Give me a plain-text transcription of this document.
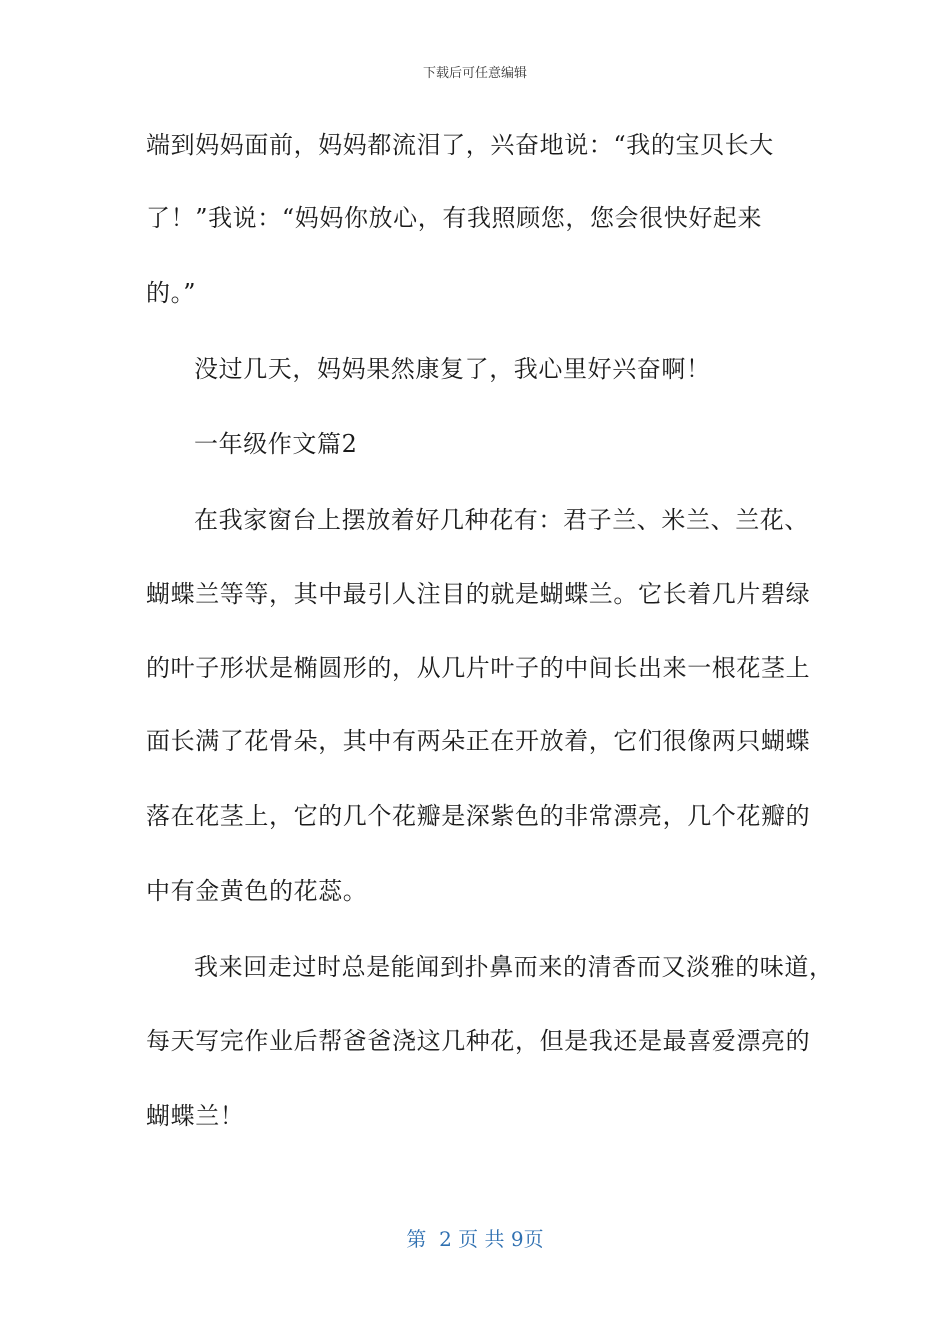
下载后可任意编辑
端到妈妈面前，妈妈都流泪了，兴奋地说：“我的宝贝长大
了！”我说：“妈妈你放心，有我照顾您，您会很快好起来
的。”
没过几天，妈妈果然康复了，我心里好兴奋啊！
一年级作文篇2
在我家窗台上摆放着好几种花有：君子兰、米兰、兰花、
蝴蝶兰等等，其中最引人注目的就是蝴蝶兰。它长着几片碧绿
的叶子形状是椭圆形的，从几片叶子的中间长出来一根花茎上
面长满了花骨朵，其中有两朵正在开放着，它们很像两只蝴蝶
落在花茎上，它的几个花瓣是深紫色的非常漂亮，几个花瓣的
中有金黄色的花蕊。
我来回走过时总是能闻到扑鼻而来的清香而又淡雅的味道，
每天写完作业后帮爸爸浇这几种花，但是我还是最喜爱漂亮的
蝴蝶兰！
第  2 页 共 9页
